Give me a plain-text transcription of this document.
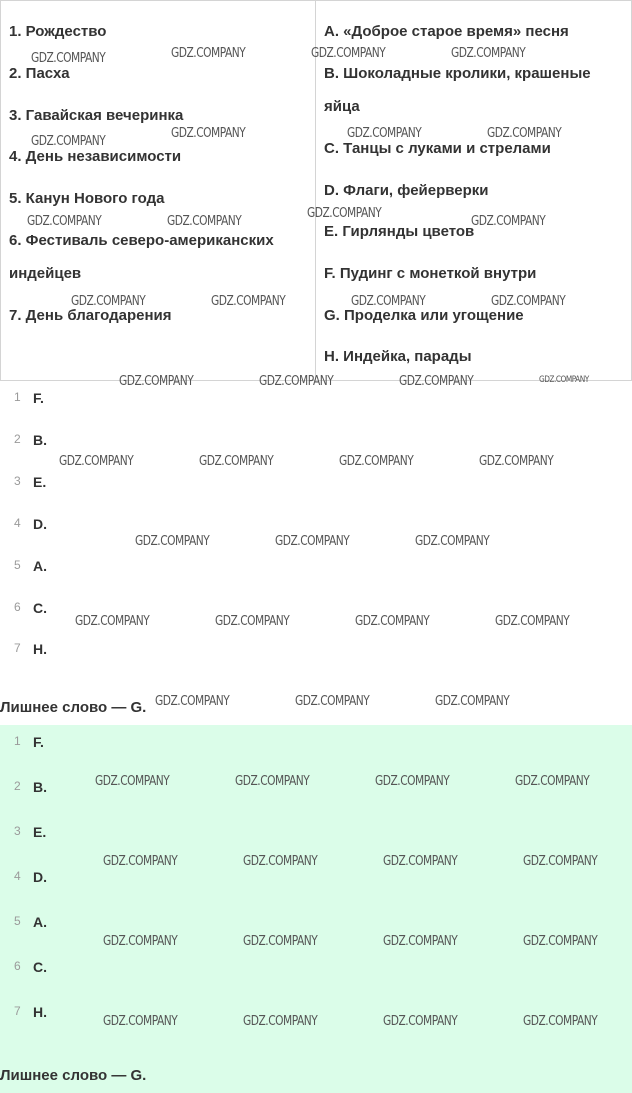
1. Рождество
2. Пасха
3. Гавайская вечеринка
4. День независимости
5. Канун Нового года
6. Фестиваль северо-американских
индейцев
7. День благодарения
A. «Доброе старое время» песня
B. Шоколадные кролики, крашеные
яйца
C. Танцы с луками и стрелами
D. Флаги, фейерверки
E. Гирлянды цветов
F. Пудинг с монеткой внутри
G. Проделка или угощение
H. Индейка, парады
1 F.
2 B.
3 E.
4 D.
5 A.
6 C.
7 H.
Лишнее слово — G.
1 F.
2 B.
3 E.
4 D.
5 A.
6 C.
7 H.
Лишнее слово — G.
GDZ.COMPANY	GDZ.COMPANY	GDZ.COMPANY	GDZ.COMPANY
GDZ.COMPANY
GDZ.COMPANY	GDZ.COMPANY	GDZ.COMPANY
GDZ.COMPANY	GDZ.COMPANY
GDZ.COMPANY
GDZ.COMPANY
GDZ.COMPANY	GDZ.COMPANY	GDZ.COMPANY	GDZ.COMPANY
GDZ.COMPANY	GDZ.COMPANY	GDZ.COMPANY	GDZ.COMPANY
GDZ.COMPANY	GDZ.COMPANY	GDZ.COMPANY	GDZ.COMPANY
GDZ.COMPANY	GDZ.COMPANY	GDZ.COMPANY
GDZ.COMPANY	GDZ.COMPANY	GDZ.COMPANY	GDZ.COMPANY
GDZ.COMPANY	GDZ.COMPANY	GDZ.COMPANY
GDZ.COMPANY	GDZ.COMPANY	GDZ.COMPANY	GDZ.COMPANY
GDZ.COMPANY	GDZ.COMPANY	GDZ.COMPANY	GDZ.COMPANY
GDZ.COMPANY	GDZ.COMPANY	GDZ.COMPANY	GDZ.COMPANY
GDZ.COMPANY	GDZ.COMPANY	GDZ.COMPANY	GDZ.COMPANY
